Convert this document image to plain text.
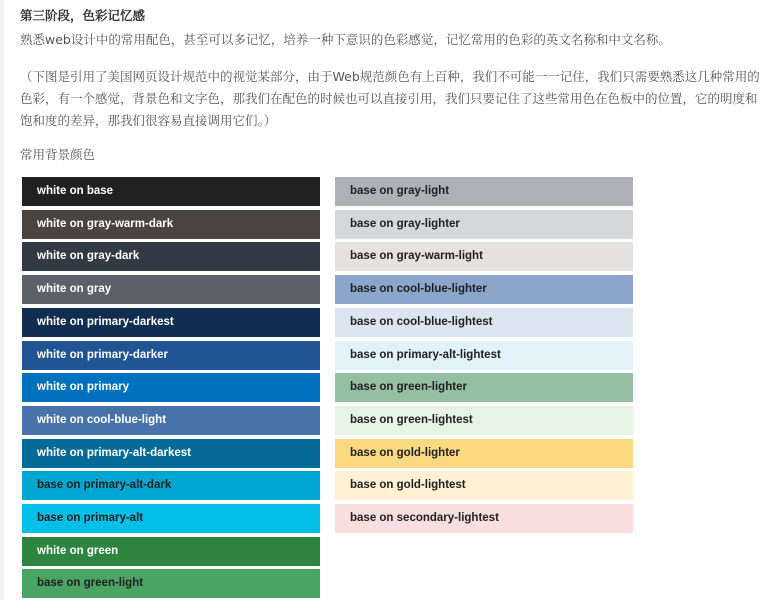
第三阶段，色彩记忆感
熟悉web设计中的常用配色，甚至可以多记忆，培养一种下意识的色彩感觉，记忆常用的色彩的英文名称和中文名称。
（下图是引用了美国网页设计规范中的视觉某部分，由于Web规范颜色有上百种，我们不可能一一记住，我们只需要熟悉这几种常用的色彩，有一个感觉，背景色和文字色，那我们在配色的时候也可以直接引用，我们只要记住了这些常用色在色板中的位置，它的明度和饱和度的差异，那我们很容易直接调用它们。）
常用背景颜色
white on base
white on gray-warm-dark
white on gray-dark
white on gray
white on primary-darkest
white on primary-darker
white on primary
white on cool-blue-light
white on primary-alt-darkest
base on primary-alt-dark
base on primary-alt
white on green
base on green-light
base on gray-light
base on gray-lighter
base on gray-warm-light
base on cool-blue-lighter
base on cool-blue-lightest
base on primary-alt-lightest
base on green-lighter
base on green-lightest
base on gold-lighter
base on gold-lightest
base on secondary-lightest
